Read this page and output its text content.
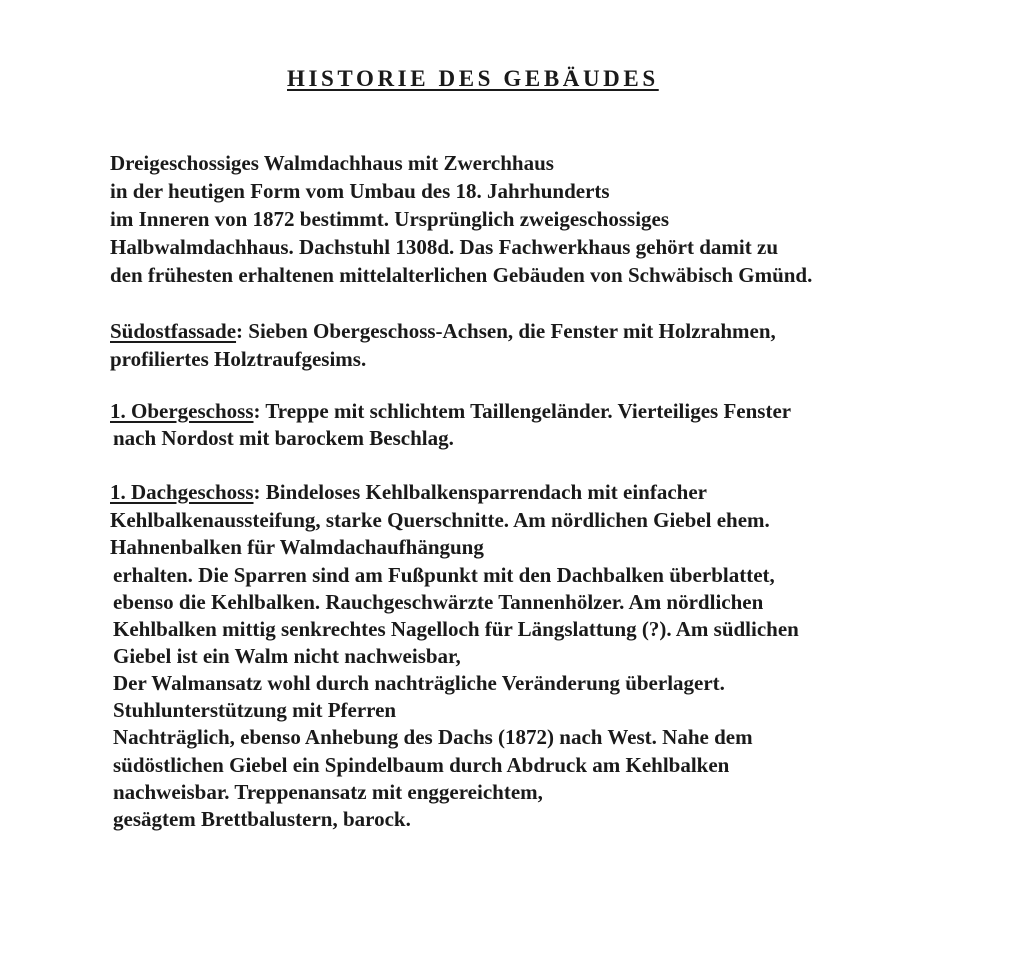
HISTORIE DES GEBÄUDES

Dreigeschossiges Walmdachhaus mit Zwerchhaus

in der heutigen Form vom Umbau des 18. Jahrhunderts

im Inneren von 1872 bestimmt. Ursprünglich zweigeschossiges

Halbwalmdachhaus. Dachstuhl 1308d. Das Fachwerkhaus gehört damit zu

den frühesten erhaltenen mittelalterlichen Gebäuden von Schwäbisch Gmünd.

Südostfassade: Sieben Obergeschoss-Achsen, die Fenster mit Holzrahmen,

profiliertes Holztraufgesims.

1. Obergeschoss: Treppe mit schlichtem Taillengeländer. Vierteiliges Fenster

nach Nordost mit barockem Beschlag.

1. Dachgeschoss: Bindeloses Kehlbalkensparrendach mit einfacher

Kehlbalkenaussteifung, starke Querschnitte. Am nördlichen Giebel ehem.

Hahnenbalken für Walmdachaufhängung

erhalten. Die Sparren sind am Fußpunkt mit den Dachbalken überblattet,

ebenso die Kehlbalken. Rauchgeschwärzte Tannenhölzer. Am nördlichen

Kehlbalken mittig senkrechtes Nagelloch für Längslattung (?). Am südlichen

Giebel ist ein Walm nicht nachweisbar,

Der Walmansatz wohl durch nachträgliche Veränderung überlagert.

Stuhlunterstützung mit Pferren

Nachträglich, ebenso Anhebung des Dachs (1872) nach West. Nahe dem

südöstlichen Giebel ein Spindelbaum durch Abdruck am Kehlbalken

nachweisbar. Treppenansatz mit enggereichtem,

gesägtem Brettbalustern, barock.
